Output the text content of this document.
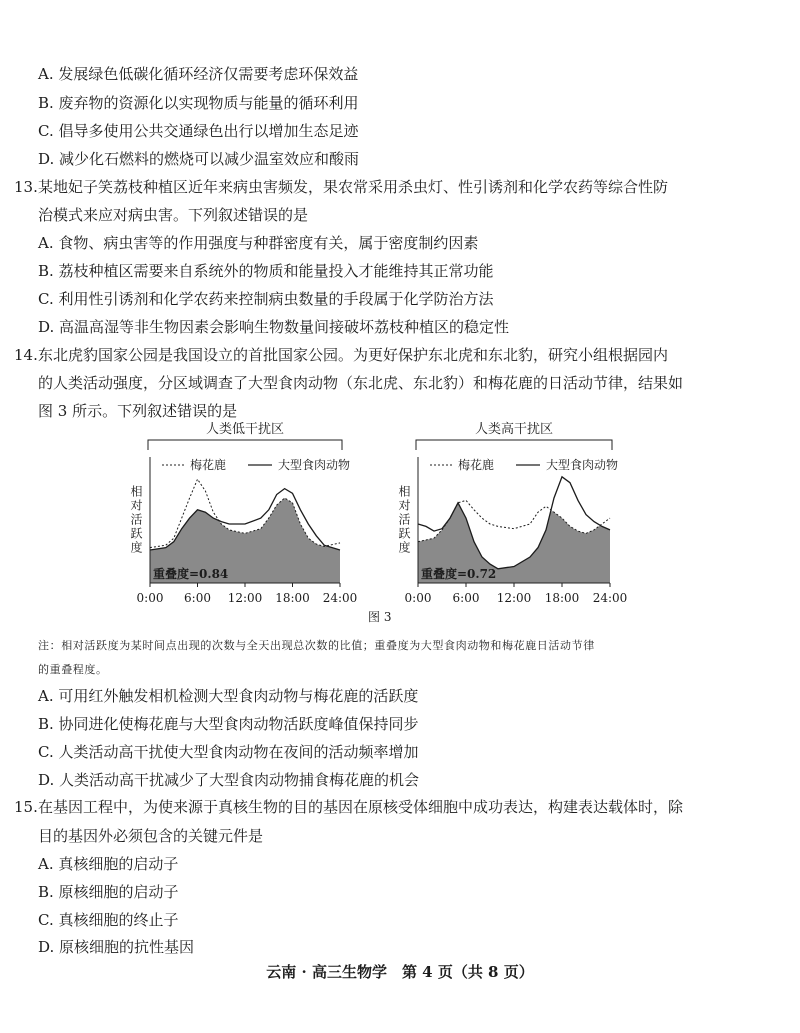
A. 发展绿色低碳化循环经济仅需要考虑环保效益
B. 废弃物的资源化以实现物质与能量的循环利用
C. 倡导多使用公共交通绿色出行以增加生态足迹
D. 减少化石燃料的燃烧可以减少温室效应和酸雨
13. 某地妃子笑荔枝种植区近年来病虫害频发，果农常采用杀虫灯、性引诱剂和化学农药等综合性防
治模式来应对病虫害。下列叙述错误的是
A. 食物、病虫害等的作用强度与种群密度有关，属于密度制约因素
B. 荔枝种植区需要来自系统外的物质和能量投入才能维持其正常功能
C. 利用性引诱剂和化学农药来控制病虫数量的手段属于化学防治方法
D. 高温高湿等非生物因素会影响生物数量间接破坏荔枝种植区的稳定性
14. 东北虎豹国家公园是我国设立的首批国家公园。为更好保护东北虎和东北豹，研究小组根据园内
的人类活动强度，分区域调查了大型食肉动物（东北虎、东北豹）和梅花鹿的日活动节律，结果如
图 3 所示。下列叙述错误的是
人类低干扰区
梅花鹿	大型食肉动物
相对活跃度
0:00 6:00 12:00 18:00 24:00
重叠度=0.84
人类高干扰区
梅花鹿	大型食肉动物
相对活跃度
0:00 6:00 12:00 18:00 24:00
重叠度=0.72
图 3
注：相对活跃度为某时间点出现的次数与全天出现总次数的比值；重叠度为大型食肉动物和梅花鹿日活动节律
的重叠程度。
A. 可用红外触发相机检测大型食肉动物与梅花鹿的活跃度
B. 协同进化使梅花鹿与大型食肉动物活跃度峰值保持同步
C. 人类活动高干扰使大型食肉动物在夜间的活动频率增加
D. 人类活动高干扰减少了大型食肉动物捕食梅花鹿的机会
15. 在基因工程中，为使来源于真核生物的目的基因在原核受体细胞中成功表达，构建表达载体时，除
目的基因外必须包含的关键元件是
A. 真核细胞的启动子
B. 原核细胞的启动子
C. 真核细胞的终止子
D. 原核细胞的抗性基因
云南 · 高三生物学　第 4 页（共 8 页）
